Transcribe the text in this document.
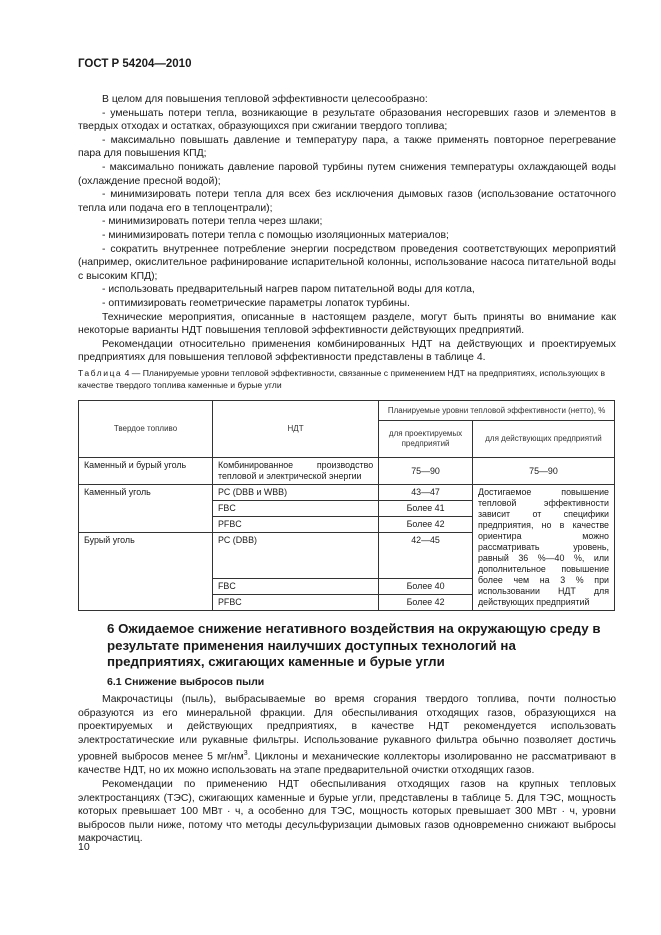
ГОСТ Р 54204—2010

В целом для повышения тепловой эффективности целесообразно:

- уменьшать потери тепла, возникающие в результате образования несгоревших газов и элементов в твердых отходах и остатках, образующихся при сжигании твердого топлива;

- максимально повышать давление и температуру пара, а также применять повторное перегревание пара для повышения КПД;

- максимально понижать давление паровой турбины путем снижения температуры охлаждающей воды (охлаждение пресной водой);

- минимизировать потери тепла для всех без исключения дымовых газов (использование остаточного тепла или подача его в теплоцентрали);

- минимизировать потери тепла через шлаки;

- минимизировать потери тепла с помощью изоляционных материалов;

- сократить внутреннее потребление энергии посредством проведения соответствующих мероприятий (например, окислительное рафинирование испарительной колонны, использование насоса питательной воды с высоким КПД);

- использовать предварительный нагрев паром питательной воды для котла,

- оптимизировать геометрические параметры лопаток турбины.

Технические мероприятия, описанные в настоящем разделе, могут быть приняты во внимание как некоторые варианты НДТ повышения тепловой эффективности действующих предприятий.

Рекомендации относительно применения комбинированных НДТ на действующих и проектируемых предприятиях для повышения тепловой эффективности представлены в таблице 4.

Таблица 4 — Планируемые уровни тепловой эффективности, связанные с применением НДТ на предприятиях, использующих в качестве твердого топлива каменные и бурые угли
Твердое топливо	НДТ	Планируемые уровни тепловой эффективности (нетто), %	
		для проектируемых предприятий	для действующих предприятий
Каменный и бурый уголь	Комбинированное производство тепловой и электрической энергии	75—90	75—90
Каменный уголь	PC (DBB и WBB)	43—47	Достигаемое повышение тепловой эффективности зависит от специфики предприятия, но в качестве ориентира можно рассматривать уровень, равный 36 %—40 %, или дополнительное повышение более чем на 3 % при использовании НДТ для действующих предприятий
	FBC	Более 41	
	PFBC	Более 42	
Бурый уголь	PC (DBB)	42—45	
	FBC	Более 40	
	PFBC	Более 42	
6 Ожидаемое снижение негативного воздействия на окружающую среду в результате применения наилучших доступных технологий на предприятиях, сжигающих каменные и бурые угли
6.1 Снижение выбросов пыли

Макрочастицы (пыль), выбрасываемые во время сгорания твердого топлива, почти полностью образуются из его минеральной фракции. Для обеспыливания отходящих газов, образующихся на проектируемых и действующих предприятиях, в качестве НДТ рекомендуется использовать электростатические или рукавные фильтры. Использование рукавного фильтра обычно позволяет достичь уровней выбросов менее 5 $мг/нм^3$. Циклоны и механические коллекторы изолированно не рассматривают в качестве НДТ, но их можно использовать на этапе предварительной очистки отходящих газов.

Рекомендации по применению НДТ обеспыливания отходящих газов на крупных тепловых электростанциях (ТЭС), сжигающих каменные и бурые угли, представлены в таблице 5. Для ТЭС, мощность которых превышает 100 МВт · ч, а особенно для ТЭС, мощность которых превышает 300 МВт · ч, уровни выбросов пыли ниже, потому что методы десульфуризации дымовых газов одновременно снижают выбросы макрочастиц.

10
